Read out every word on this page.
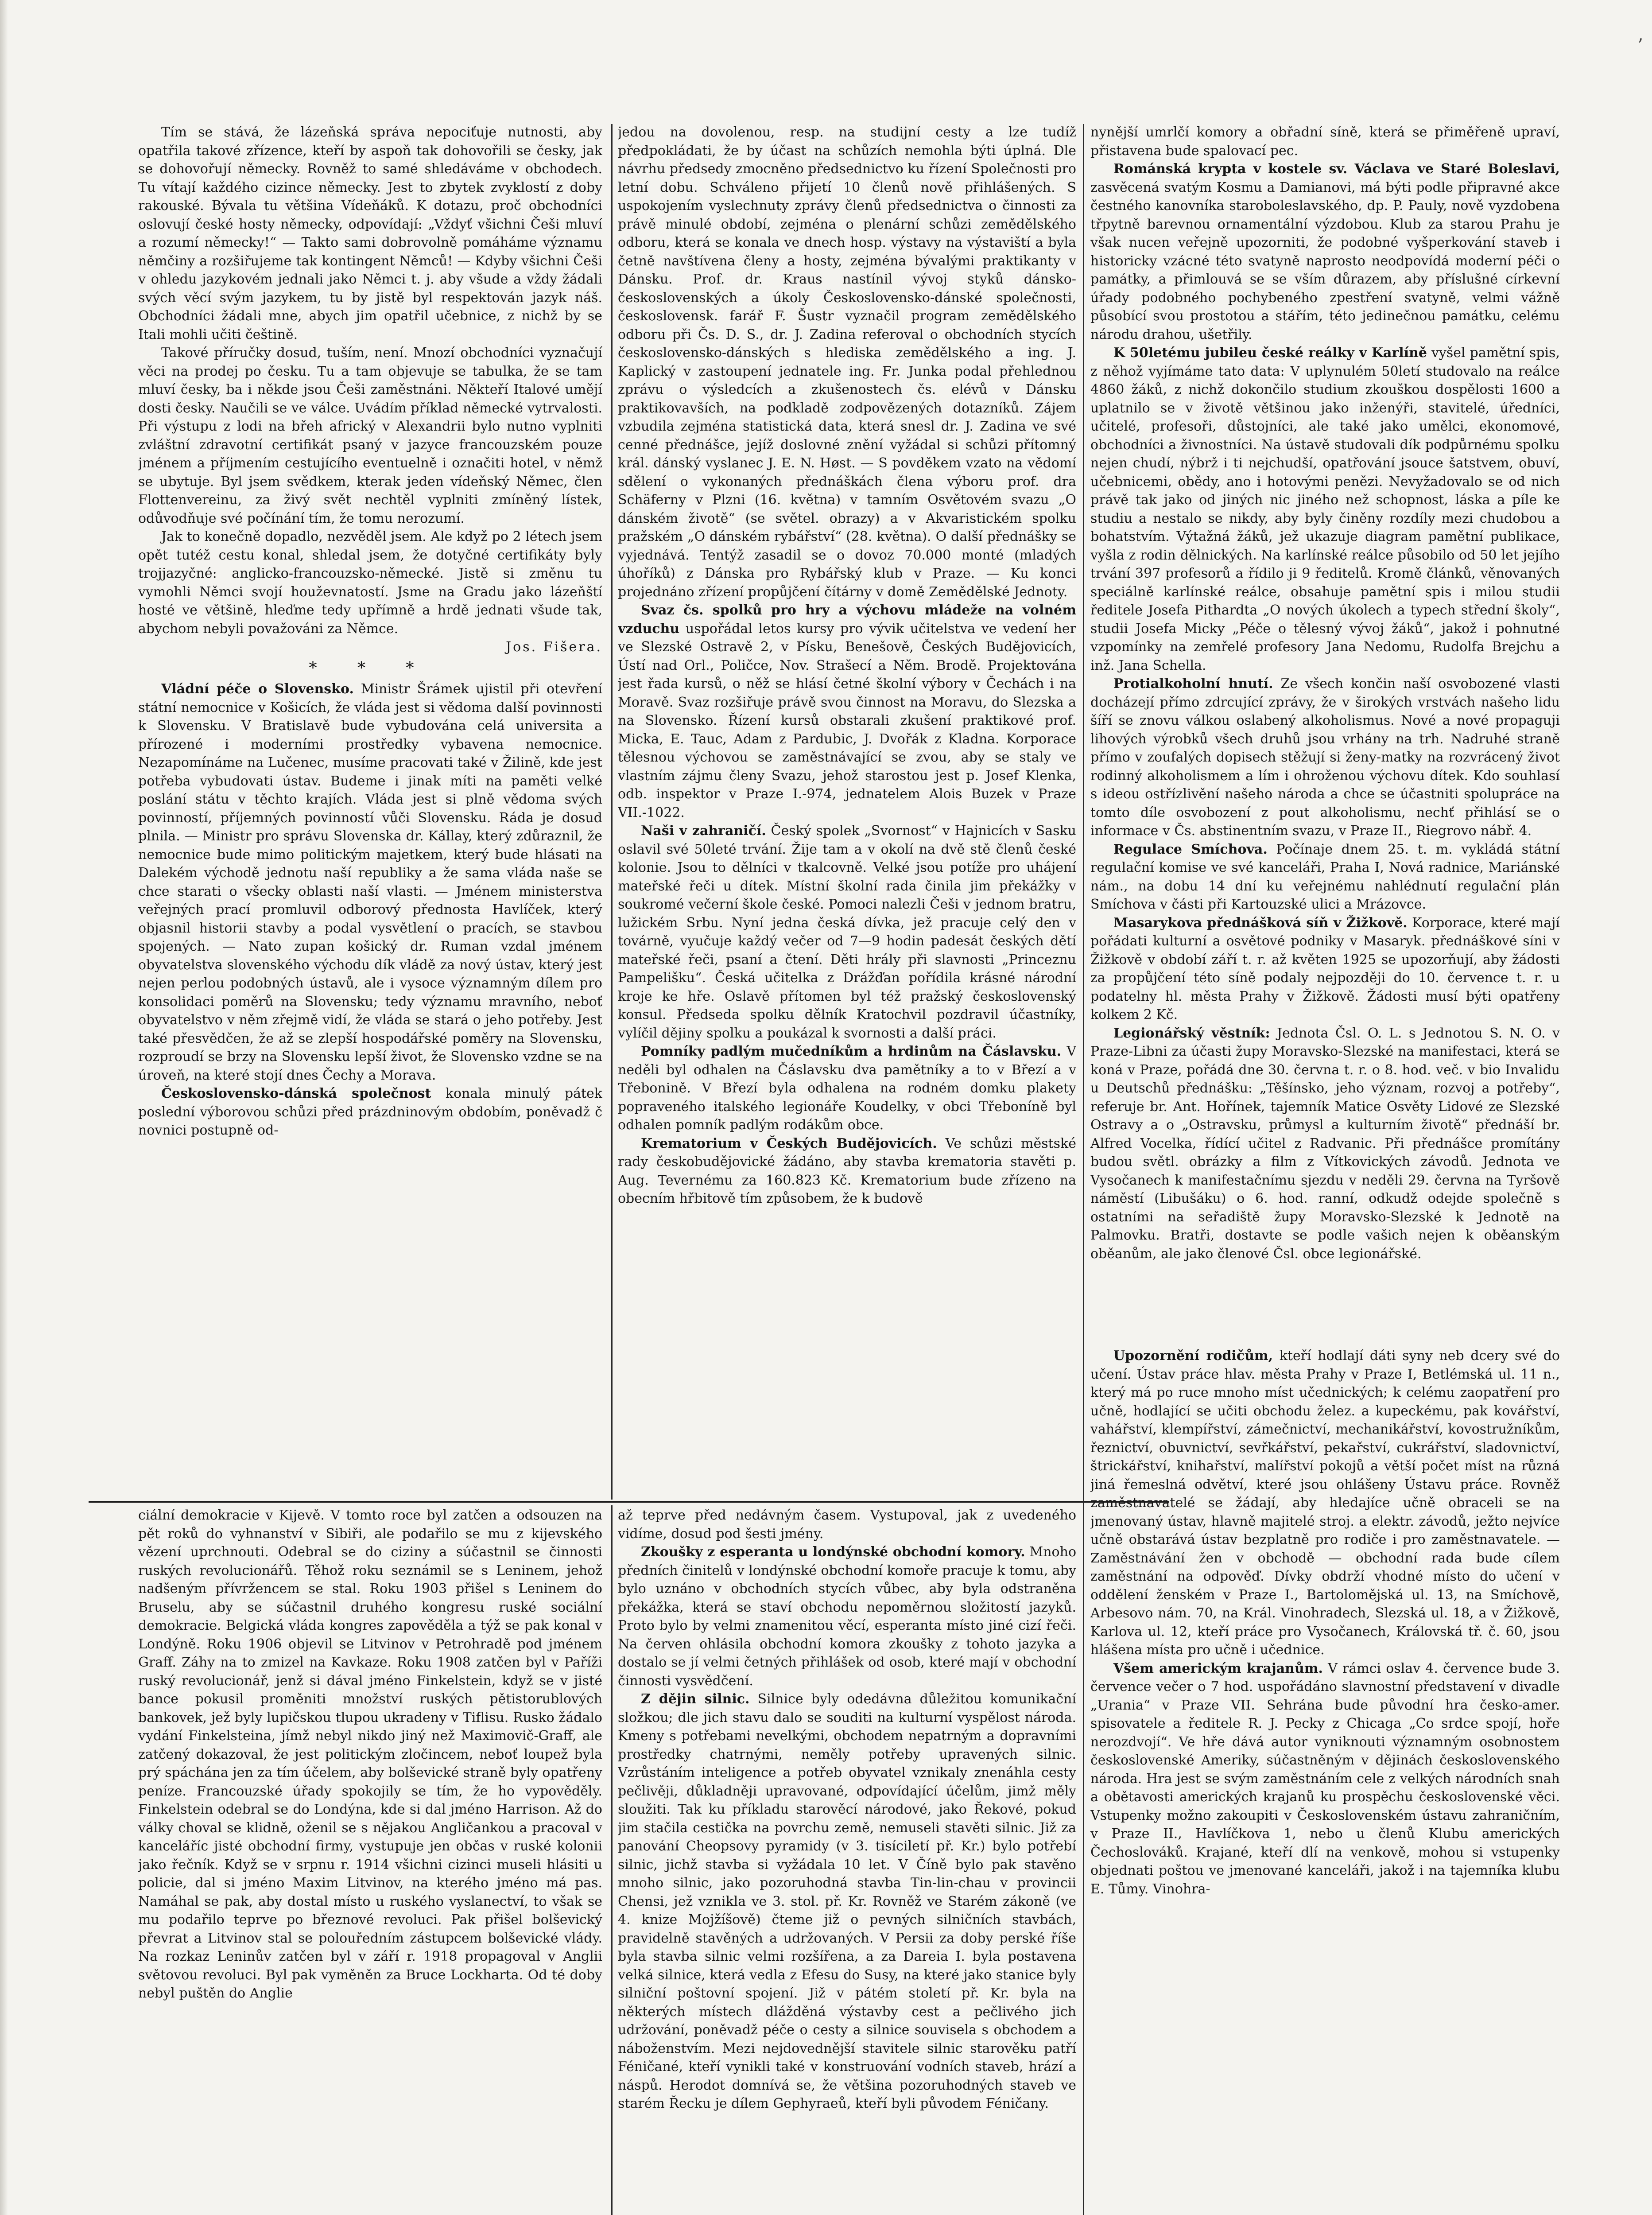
’

Tím se stává, že lázeňská správa nepociťuje nutnosti, aby opatřila takové zřízence, kteří by aspoň tak dohovořili se česky, jak se dohovořují německy. Rovněž to samé shledáváme v obchodech. Tu vítají každého cizince německy. Jest to zbytek zvyklostí z doby rakouské. Bývala tu většina Vídeňáků. K dotazu, proč obchodníci oslovují české hosty německy, odpovídají: „Vždyť všichni Češi mluví a rozumí německy!“ — Takto sami dobrovolně pomáháme významu němčiny a rozšiřujeme tak kontingent Němců! — Kdyby všichni Češi v ohledu jazykovém jednali jako Němci t. j. aby všude a vždy žádali svých věcí svým jazykem, tu by jistě byl respektován jazyk náš. Obchodníci žádali mne, abych jim opatřil učebnice, z nichž by se Itali mohli učiti češtině.

Takové příručky dosud, tuším, není. Mnozí obchodníci vyznačují věci na prodej po česku. Tu a tam objevuje se tabulka, že se tam mluví česky, ba i někde jsou Češi zaměstnáni. Někteří Italové umějí dosti česky. Naučili se ve válce. Uvádím příklad německé vytrvalosti. Při výstupu z lodi na břeh africký v Alexandrii bylo nutno vyplniti zvláštní zdravotní certifikát psaný v jazyce francouzském pouze jménem a příjmením cestujícího eventuelně i označiti hotel, v němž se ubytuje. Byl jsem svědkem, kterak jeden vídeňský Němec, člen Flottenvereinu, za živý svět nechtěl vyplniti zmíněný lístek, odůvodňuje své počínání tím, že tomu nerozumí.

Jak to konečně dopadlo, nezvěděl jsem. Ale když po 2 létech jsem opět tutéž cestu konal, shledal jsem, že dotyčné certifikáty byly trojjazyčné: anglicko-francouzsko-německé. Jistě si změnu tu vymohli Němci svojí houževnatostí. Jsme na Gradu jako lázeňští hosté ve většině, hleďme tedy upřímně a hrdě jednati všude tak, abychom nebyli považováni za Němce.

Jos. Fišera.

* * *

Vládní péče o Slovensko. Ministr Šrámek ujistil při otevření státní nemocnice v Košicích, že vláda jest si vědoma další povinnosti k Slovensku. V Bratislavě bude vybudována celá universita a přírozené i moderními prostředky vybavena nemocnice. Nezapomínáme na Lučenec, musíme pracovati také v Žilině, kde jest potřeba vybudovati ústav. Budeme i jinak míti na paměti velké poslání státu v těchto krajích. Vláda jest si plně vědoma svých povinností, příjemných povinností vůči Slovensku. Ráda je dosud plnila. — Ministr pro správu Slovenska dr. Kállay, který zdůraznil, že nemocnice bude mimo politickým majetkem, který bude hlásati na Dalekém východě jednotu naší republiky a že sama vláda naše se chce starati o všecky oblasti naší vlasti. — Jménem ministerstva veřejných prací promluvil odborový přednosta Havlíček, který objasnil historii stavby a podal vysvětlení o pracích, se stavbou spojených. — Nato zupan košický dr. Ruman vzdal jménem obyvatelstva slovenského východu dík vládě za nový ústav, který jest nejen perlou podobných ústavů, ale i vysoce významným dílem pro konsolidaci poměrů na Slovensku; tedy významu mravního, neboť obyvatelstvo v něm zřejmě vidí, že vláda se stará o jeho potřeby. Jest také přesvědčen, že až se zlepší hospodářské poměry na Slovensku, rozproudí se brzy na Slovensku lepší život, že Slovensko vzdne se na úroveň, na které stojí dnes Čechy a Morava.

Československo-dánská společnost konala minulý pátek poslední výborovou schůzi před prázdninovým obdobím, poněvadž č novnici postupně od-

jedou na dovolenou, resp. na studijní cesty a lze tudíž předpokládati, že by účast na schůzích nemohla býti úplná. Dle návrhu předsedy zmocněno předsednictvo ku řízení Společnosti pro letní dobu. Schváleno přijetí 10 členů nově přihlášených. S uspokojením vyslechnuty zprávy členů předsednictva o činnosti za právě minulé období, zejména o plenární schůzi zemědělského odboru, která se konala ve dnech hosp. výstavy na výstaviští a byla četně navštívena členy a hosty, zejména bývalými praktikanty v Dánsku. Prof. dr. Kraus nastínil vývoj styků dánsko-československých a úkoly Československo-dánské společnosti, československ. farář F. Šustr vyznačil program zemědělského odboru při Čs. D. S., dr. J. Zadina referoval o obchodních stycích československo-dánských s hlediska zemědělského a ing. J. Kaplický v zastoupení jednatele ing. Fr. Junka podal přehlednou zprávu o výsledcích a zkušenostech čs. elévů v Dánsku praktikovavších, na podkladě zodpovězených dotazníků. Zájem vzbudila zejména statistická data, která snesl dr. J. Zadina ve své cenné přednášce, jejíž doslovné znění vyžádal si schůzi přítomný král. dánský vyslanec J. E. N. Høst. — S povděkem vzato na vědomí sdělení o vykonaných přednáškách člena výboru prof. dra Schäferny v Plzni (16. května) v tamním Osvětovém svazu „O dánském životě“ (se světel. obrazy) a v Akvaristickém spolku pražském „O dánském rybářství“ (28. května). O další přednášky se vyjednává. Tentýž zasadil se o dovoz 70.000 monté (mladých úhoříků) z Dánska pro Rybářský klub v Praze. — Ku konci projednáno zřízení propůjčení čítárny v domě Zemědělské Jednoty.

Svaz čs. spolků pro hry a výchovu mládeže na volném vzduchu uspořádal letos kursy pro vývik učitelstva ve vedení her ve Slezské Ostravě 2, v Písku, Benešově, Českých Budějovicích, Ústí nad Orl., Poličce, Nov. Strašecí a Něm. Brodě. Projektována jest řada kursů, o něž se hlásí četné školní výbory v Čechách i na Moravě. Svaz rozšiřuje právě svou činnost na Moravu, do Slezska a na Slovensko. Řízení kursů obstarali zkušení praktikové prof. Micka, E. Tauc, Adam z Pardubic, J. Dvořák z Kladna. Korporace tělesnou výchovou se zaměstnávající se zvou, aby se staly ve vlastním zájmu členy Svazu, jehož starostou jest p. Josef Klenka, odb. inspektor v Praze I.-974, jednatelem Alois Buzek v Praze VII.-1022.

Naši v zahraničí. Český spolek „Svornost“ v Hajnicích v Sasku oslavil své 50leté trvání. Žije tam a v okolí na dvě stě členů české kolonie. Jsou to dělníci v tkalcovně. Velké jsou potíže pro uhájení mateřské řeči u dítek. Místní školní rada činila jim překážky v soukromé večerní škole české. Pomoci nalezli Češi v jednom bratru, lužickém Srbu. Nyní jedna česká dívka, jež pracuje celý den v továrně, vyučuje každý večer od 7—9 hodin padesát českých dětí mateřské řeči, psaní a čtení. Děti hrály při slavnosti „Princeznu Pampelišku“. Česká učitelka z Drážďan pořídila krásné národní kroje ke hře. Oslavě přítomen byl též pražský československý konsul. Předseda spolku dělník Kratochvil pozdravil účastníky, vylíčil dějiny spolku a poukázal k svornosti a další práci.

Pomníky padlým mučedníkům a hrdinům na Čáslavsku. V neděli byl odhalen na Čáslavsku dva pamětníky a to v Březí a v Třebonině. V Březí byla odhalena na rodném domku plakety popraveného italského legionáře Koudelky, v obci Třeboníně byl odhalen pomník padlým rodákům obce.

Krematorium v Českých Budějovicích. Ve schůzi městské rady českobudějovické žádáno, aby stavba krematoria stavěti p. Aug. Tevernému za 160.823 Kč. Krematorium bude zřízeno na obecním hřbitově tím způsobem, že k budově

nynější umrlčí komory a obřadní síně, která se přiměřeně upraví, přistavena bude spalovací pec.

Románská krypta v kostele sv. Václava ve Staré Boleslavi, zasvěcená svatým Kosmu a Damianovi, má býti podle připravné akce čestného kanovníka staroboleslavského, dp. P. Pauly, nově vyzdobena třpytně barevnou ornamentální výzdobou. Klub za starou Prahu je však nucen veřejně upozorniti, že podobné vyšperkování staveb i historicky vzácné této svatyně naprosto neodpovídá moderní péči o památky, a přimlouvá se se vším důrazem, aby příslušné církevní úřady podobného pochybeného zpestření svatyně, velmi vážně působící svou prostotou a stářím, této jedinečnou památku, celému národu drahou, ušetřily.

K 50letému jubileu české reálky v Karlíně vyšel pamětní spis, z něhož vyjímáme tato data: V uplynulém 50letí studovalo na reálce 4860 žáků, z nichž dokončilo studium zkouškou dospělosti 1600 a uplatnilo se v životě většinou jako inženýři, stavitelé, úředníci, učitelé, profesoři, důstojníci, ale také jako umělci, ekonomové, obchodníci a živnostníci. Na ústavě studovali dík podpůrnému spolku nejen chudí, nýbrž i ti nejchudší, opatřování jsouce šatstvem, obuví, učebnicemi, obědy, ano i hotovými penězi. Nevyžadovalo se od nich právě tak jako od jiných nic jiného než schopnost, láska a píle ke studiu a nestalo se nikdy, aby byly činěny rozdíly mezi chudobou a bohatstvím. Výtažná žáků, jež ukazuje diagram pamětní publikace, vyšla z rodin dělnických. Na karlínské reálce působilo od 50 let jejího trvání 397 profesorů a řídilo ji 9 ředitelů. Kromě článků, věnovaných speciálně karlínské reálce, obsahuje pamětní spis i milou studii ředitele Josefa Pithardta „O nových úkolech a typech střední školy“, studii Josefa Micky „Péče o tělesný vývoj žáků“, jakož i pohnutné vzpomínky na zemřelé profesory Jana Nedomu, Rudolfa Brejchu a inž. Jana Schella.

Protialkoholní hnutí. Ze všech končin naší osvobozené vlasti docházejí přímo zdrcující zprávy, že v širokých vrstvách našeho lidu šíří se znovu válkou oslabený alkoholismus. Nové a nové propaguji lihových výrobků všech druhů jsou vrhány na trh. Nadruhé straně přímo v zoufalých dopisech stěžují si ženy-matky na rozvrácený život rodinný alkoholismem a lím i ohroženou výchovu dítek. Kdo souhlasí s ideou ostřízlivění našeho národa a chce se účastniti spolupráce na tomto díle osvobození z pout alkoholismu, nechť přihlásí se o informace v Čs. abstinentním svazu, v Praze II., Riegrovo nábř. 4.

Regulace Smíchova. Počínaje dnem 25. t. m. vykládá státní regulační komise ve své kanceláři, Praha I, Nová radnice, Mariánské nám., na dobu 14 dní ku veřejnému nahlédnutí regulační plán Smíchova v části při Kartouzské ulici a Mrázovce.

Masarykova přednášková síň v Žižkově. Korporace, které mají pořádati kulturní a osvětové podniky v Masaryk. přednáškové síni v Žižkově v období září t. r. až květen 1925 se upozorňují, aby žádosti za propůjčení této síně podaly nejpozději do 10. července t. r. u podatelny hl. města Prahy v Žižkově. Žádosti musí býti opatřeny kolkem 2 Kč.

Legionářský věstník: Jednota Čsl. O. L. s Jednotou S. N. O. v Praze-Libni za účasti župy Moravsko-Slezské na manifestaci, která se koná v Praze, pořádá dne 30. června t. r. o 8. hod. več. v bio Invalidu u Deutschů přednášku: „Těšínsko, jeho význam, rozvoj a potřeby“, referuje br. Ant. Hořínek, tajemník Matice Osvěty Lidové ze Slezské Ostravy a o „Ostravsku, průmysl a kulturním životě“ přednáší br. Alfred Vocelka, řídící učitel z Radvanic. Při přednášce promítány budou světl. obrázky a film z Vítkovických závodů. Jednota ve Vysočanech k manifestačnímu sjezdu v neděli 29. června na Tyršově náměstí (Libušáku) o 6. hod. ranní, odkudž odejde společně s ostatními na seřadiště župy Moravsko-Slezské k Jednotě na Palmovku. Bratři, dostavte se podle vašich nejen k oběanským oběanům, ale jako členové Čsl. obce legionářské.

ciální demokracie v Kijevě. V tomto roce byl zatčen a odsouzen na pět roků do vyhnanství v Sibiři, ale podařilo se mu z kijevského vězení uprchnouti. Odebral se do ciziny a súčastnil se činnosti ruských revolucionářů. Těhož roku seznámil se s Leninem, jehož nadšeným přívržencem se stal. Roku 1903 přišel s Leninem do Bruselu, aby se súčastnil druhého kongresu ruské sociální demokracie. Belgická vláda kongres zapověděla a týž se pak konal v Londýně. Roku 1906 objevil se Litvinov v Petrohradě pod jménem Graff. Záhy na to zmizel na Kavkaze. Roku 1908 zatčen byl v Paříži ruský revolucionář, jenž si dával jméno Finkelstein, když se v jisté bance pokusil proměniti množství ruských pětistorublových bankovek, jež byly lupičskou tlupou ukradeny v Tiflisu. Rusko žádalo vydání Finkelsteina, jímž nebyl nikdo jiný než Maximovič-Graff, ale zatčený dokazoval, že jest politickým zločincem, neboť loupež byla prý spáchána jen za tím účelem, aby bolševické straně byly opatřeny peníze. Francouzské úřady spokojily se tím, že ho vypověděly. Finkelstein odebral se do Londýna, kde si dal jméno Harrison. Až do války choval se klidně, oženil se s nějakou Angličankou a pracoval v kanceláříc jisté obchodní firmy, vystupuje jen občas v ruské kolonii jako řečník. Když se v srpnu r. 1914 všichni cizinci museli hlásiti u policie, dal si jméno Maxim Litvinov, na kterého jméno má pas. Namáhal se pak, aby dostal místo u ruského vyslanectví, to však se mu podařilo teprve po březnové revoluci. Pak přišel bolševický převrat a Litvinov stal se polouředním zástupcem bolševické vlády. Na rozkaz Leninův zatčen byl v září r. 1918 propagoval v Anglii světovou revoluci. Byl pak vyměněn za Bruce Lockharta. Od té doby nebyl puštěn do Anglie

až teprve před nedávným časem. Vystupoval, jak z uvedeného vidíme, dosud pod šesti jmény.

Zkoušky z esperanta u londýnské obchodní komory. Mnoho předních činitelů v londýnské obchodní komoře pracuje k tomu, aby bylo uznáno v obchodních stycích vůbec, aby byla odstraněna překážka, která se staví obchodu nepoměrnou složitostí jazyků. Proto bylo by velmi znamenitou věcí, esperanta místo jiné cizí řeči. Na červen ohlásila obchodní komora zkoušky z tohoto jazyka a dostalo se jí velmi četných přihlášek od osob, které mají v obchodní činnosti vysvědčení.

Z dějin silnic. Silnice byly odedávna důležitou komunikační složkou; dle jich stavu dalo se souditi na kulturní vyspělost národa. Kmeny s potřebami nevelkými, obchodem nepatrným a dopravními prostředky chatrnými, neměly potřeby upravených silnic. Vzrůstáním inteligence a potřeb obyvatel vznikaly znenáhla cesty pečlivěji, důkladněji upravované, odpovídající účelům, jimž měly sloužiti. Tak ku příkladu starověcí národové, jako Řekové, pokud jim stačila cestička na povrchu země, nemuseli stavěti silnic. Již za panování Cheopsovy pyramidy (v 3. tisíciletí př. Kr.) bylo potřebí silnic, jichž stavba si vyžádala 10 let. V Číně bylo pak stavěno mnoho silnic, jako pozoruhodná stavba Tin-lin-chau v provincii Chensi, jež vznikla ve 3. stol. př. Kr. Rovněž ve Starém zákoně (ve 4. knize Mojžíšově) čteme již o pevných silničních stavbách, pravidelně stavěných a udržovaných. V Persii za doby perské říše byla stavba silnic velmi rozšířena, a za Dareia I. byla postavena velká silnice, která vedla z Efesu do Susy, na které jako stanice byly silniční poštovní spojení. Již v pátém století př. Kr. byla na některých místech dlážděná výstavby cest a pečlivého jich udržování, poněvadž péče o cesty a silnice souvisela s obchodem a náboženstvím. Mezi nejdovednější stavitele silnic starověku patří Féničané, kteří vynikli také v konstruování vodních staveb, hrází a náspů. Herodot domnívá se, že většina pozoruhodných staveb ve starém Řecku je dílem Gephyraeů, kteří byli původem Féničany.

Upozornění rodičům, kteří hodlají dáti syny neb dcery své do učení. Ústav práce hlav. města Prahy v Praze I, Betlémská ul. 11 n., který má po ruce mnoho míst učednických; k celému zaopatření pro učně, hodlající se učiti obchodu želez. a kupeckému, pak kovářství, vahářství, klempířství, zámečnictví, mechanikářství, kovostružníkům, řeznictví, obuvnictví, sevřkářství, pekařství, cukrářství, sladovnictví, štrickářství, knihařství, malířství pokojů a větší počet míst na různá jiná řemeslná odvětví, které jsou ohlášeny Ústavu práce. Rovněž zaměstnavatelé se žádají, aby hledajíce učně obraceli se na jmenovaný ústav, hlavně majitelé stroj. a elektr. závodů, ježto nejvíce učně obstarává ústav bezplatně pro rodiče i pro zaměstnavatele. — Zaměstnávání žen v obchodě — obchodní rada bude cílem zaměstnání na odpověď. Dívky obdrží vhodné místo do učení v oddělení ženském v Praze I., Bartolomějská ul. 13, na Smíchově, Arbesovo nám. 70, na Král. Vinohradech, Slezská ul. 18, a v Žižkově, Karlova ul. 12, kteří práce pro Vysočanech, Královská tř. č. 60, jsou hlášena místa pro učně i učednice.

Všem americkým krajanům. V rámci oslav 4. července bude 3. července večer o 7 hod. uspořádáno slavnostní představení v divadle „Urania“ v Praze VII. Sehrána bude původní hra česko-amer. spisovatele a ředitele R. J. Pecky z Chicaga „Co srdce spojí, hoře nerozdvojí“. Ve hře dává autor vyniknouti významným osobnostem československé Ameriky, súčastněným v dějinách československého národa. Hra jest se svým zaměstnáním cele z velkých národních snah a obětavosti amerických krajanů ku prospěchu československé věci. Vstupenky možno zakoupiti v Československém ústavu zahraničním, v Praze II., Havlíčkova 1, nebo u členů Klubu amerických Čechoslováků. Krajané, kteří dlí na venkově, mohou si vstupenky objednati poštou ve jmenované kanceláři, jakož i na tajemníka klubu E. Tůmy. Vinohra-
